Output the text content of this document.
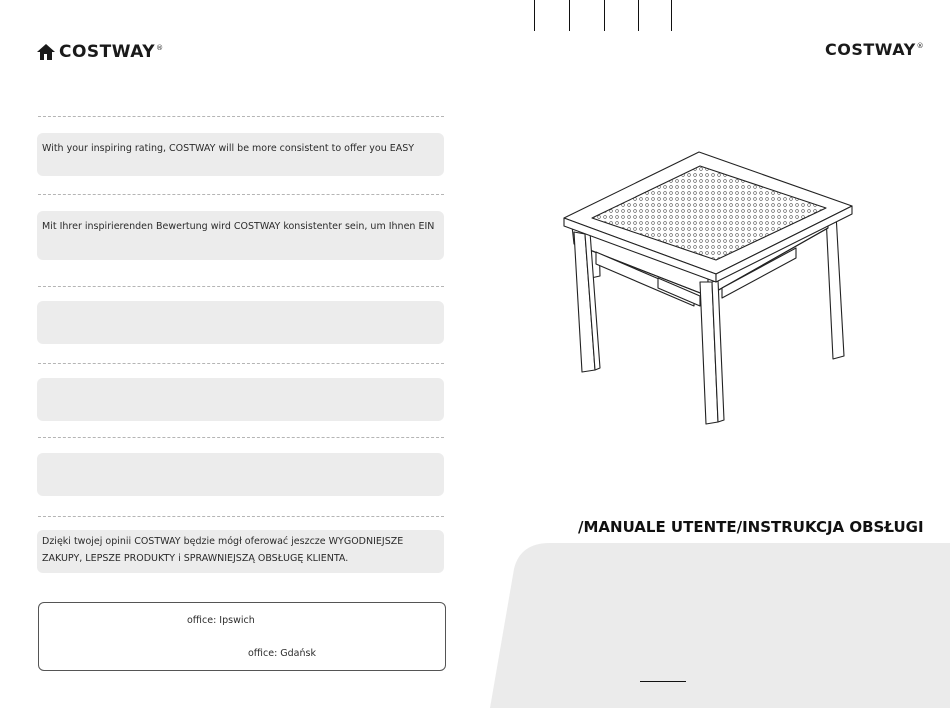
COSTWAY®	COSTWAY®
With your inspiring rating, COSTWAY will be more consistent to offer you EASY
Mit Ihrer inspirierenden Bewertung wird COSTWAY konsistenter sein, um Ihnen EIN
Dzięki twojej opinii COSTWAY będzie mógł oferować jeszcze WYGODNIEJSZE
ZAKUPY, LEPSZE PRODUKTY i SPRAWNIEJSZĄ OBSŁUGĘ KLIENTA.
office: Ipswich
office: Gdańsk
/MANUALE UTENTE/INSTRUKCJA OBSŁUGI
